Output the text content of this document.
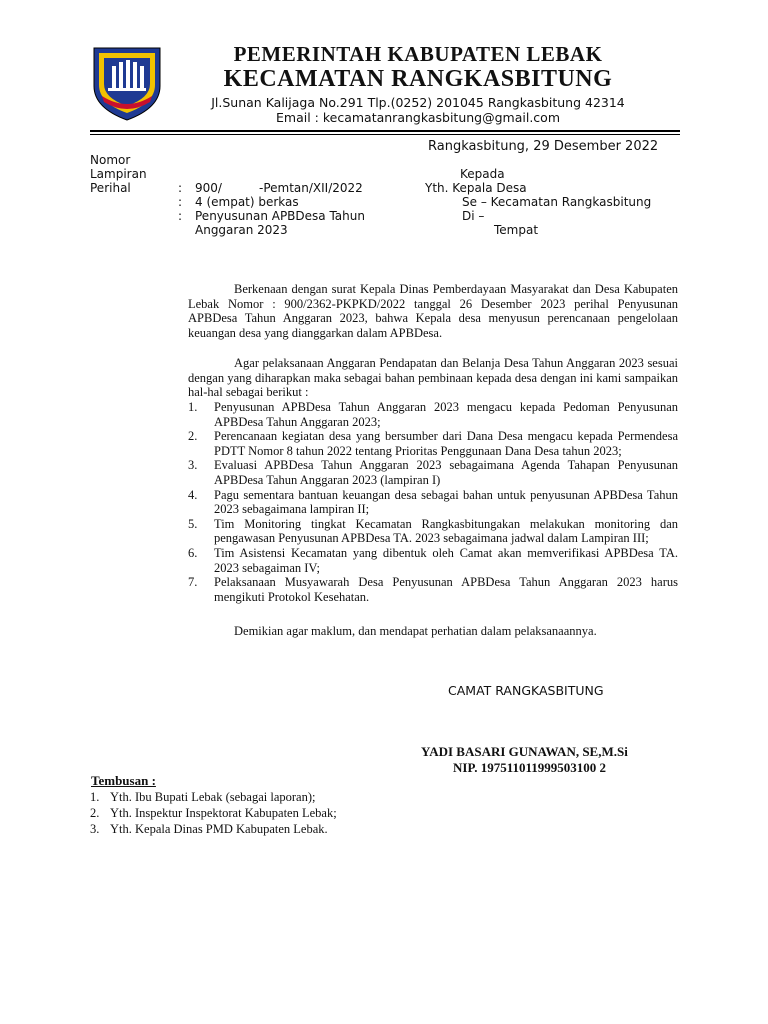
PEMERINTAH KABUPATEN LEBAK
KECAMATAN RANGKASBITUNG
Jl.Sunan Kalijaga No.291 Tlp.(0252) 201045 Rangkasbitung 42314
Email : kecamatanrangkasbitung@gmail.com
Rangkasbitung, 29 Desember 2022
Nomor
Lampiran
Perihal	:
:
:
900/	-Pemtan/XII/2022
4 (empat) berkas
Penyusunan APBDesa Tahun
Anggaran 2023
Kepada
Yth. Kepala Desa
Se – Kecamatan Rangkasbitung
Di –
Tempat
Berkenaan dengan surat Kepala Dinas Pemberdayaan Masyarakat dan Desa Kabupaten Lebak Nomor : 900/2362-PKPKD/2022 tanggal 26 Desember 2023 perihal Penyusunan APBDesa Tahun Anggaran 2023, bahwa Kepala desa menyusun perencanaan pengelolaan keuangan desa yang dianggarkan dalam APBDesa.
Agar pelaksanaan Anggaran Pendapatan dan Belanja Desa Tahun Anggaran 2023 sesuai dengan yang diharapkan maka sebagai bahan pembinaan kepada desa dengan ini kami sampaikan hal-hal sebagai berikut :
1. Penyusunan APBDesa Tahun Anggaran 2023 mengacu kepada Pedoman Penyusunan APBDesa Tahun Anggaran 2023;
2. Perencanaan kegiatan desa yang bersumber dari Dana Desa mengacu kepada Permendesa PDTT Nomor 8 tahun 2022 tentang Prioritas Penggunaan Dana Desa tahun 2023;
3. Evaluasi APBDesa Tahun Anggaran 2023 sebagaimana Agenda Tahapan Penyusunan APBDesa Tahun Anggaran 2023 (lampiran I)
4. Pagu sementara bantuan keuangan desa sebagai bahan untuk penyusunan APBDesa Tahun 2023 sebagaimana lampiran II;
5. Tim Monitoring tingkat Kecamatan Rangkasbitungakan melakukan monitoring dan pengawasan Penyusunan APBDesa TA. 2023 sebagaimana jadwal dalam Lampiran III;
6. Tim Asistensi Kecamatan yang dibentuk oleh Camat akan memverifikasi APBDesa TA. 2023 sebagaiman IV;
7. Pelaksanaan Musyawarah Desa Penyusunan APBDesa Tahun Anggaran 2023 harus mengikuti Protokol Kesehatan.
Demikian agar maklum, dan mendapat perhatian dalam pelaksanaannya.
CAMAT RANGKASBITUNG
YADI BASARI GUNAWAN, SE,M.Si
NIP. 197511011999503100 2
Tembusan :
1. Yth. Ibu Bupati Lebak (sebagai laporan);
2. Yth. Inspektur Inspektorat Kabupaten Lebak;
3. Yth. Kepala Dinas PMD Kabupaten Lebak.
